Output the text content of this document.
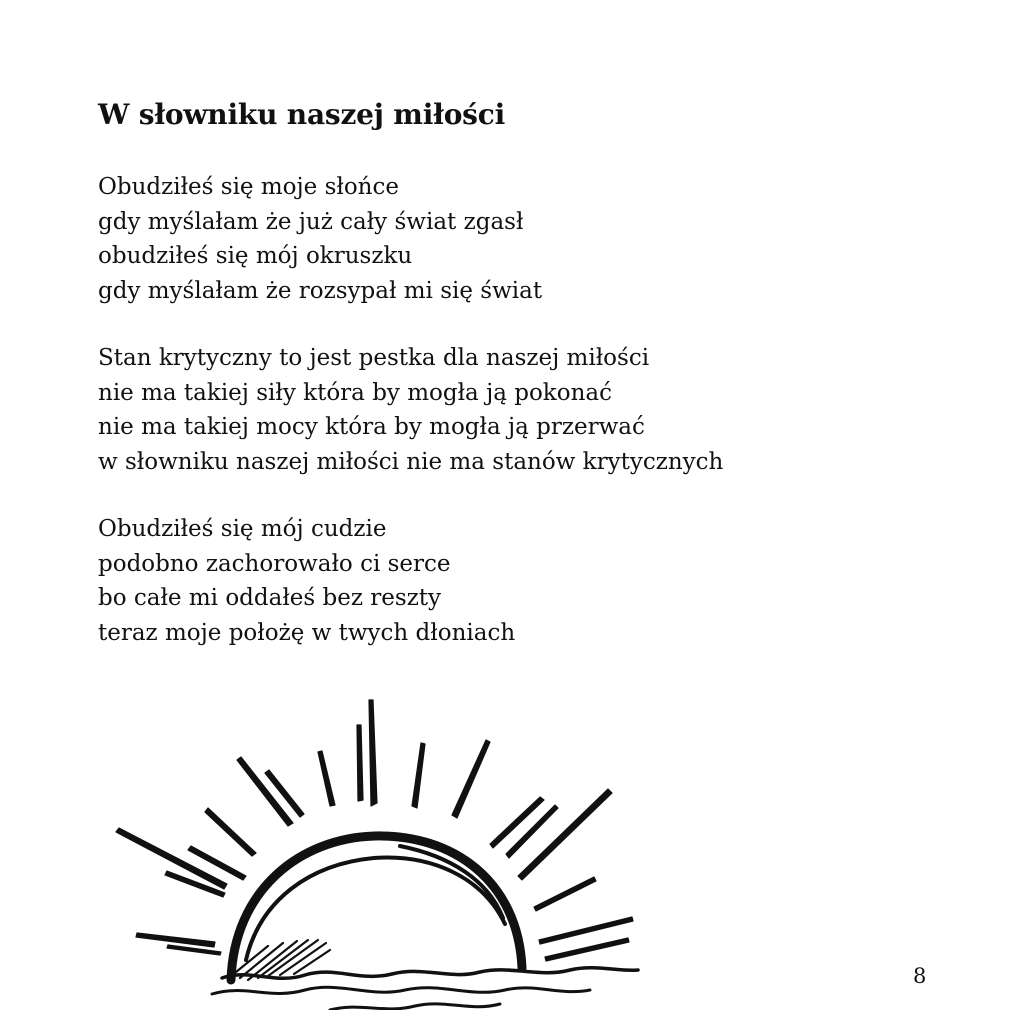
W słowniku naszej miłości
Obudziłeś się moje słońce
gdy myślałam że już cały świat zgasł
obudziłeś się mój okruszku
gdy myślałam że rozsypał mi się świat
Stan krytyczny to jest pestka dla naszej miłości
nie ma takiej siły która by mogła ją pokonać
nie ma takiej mocy która by mogła ją przerwać
w słowniku naszej miłości nie ma stanów krytycznych
Obudziłeś się mój cudzie
podobno zachorowało ci serce
bo całe mi oddałeś bez reszty
teraz moje położę w twych dłoniach
8
